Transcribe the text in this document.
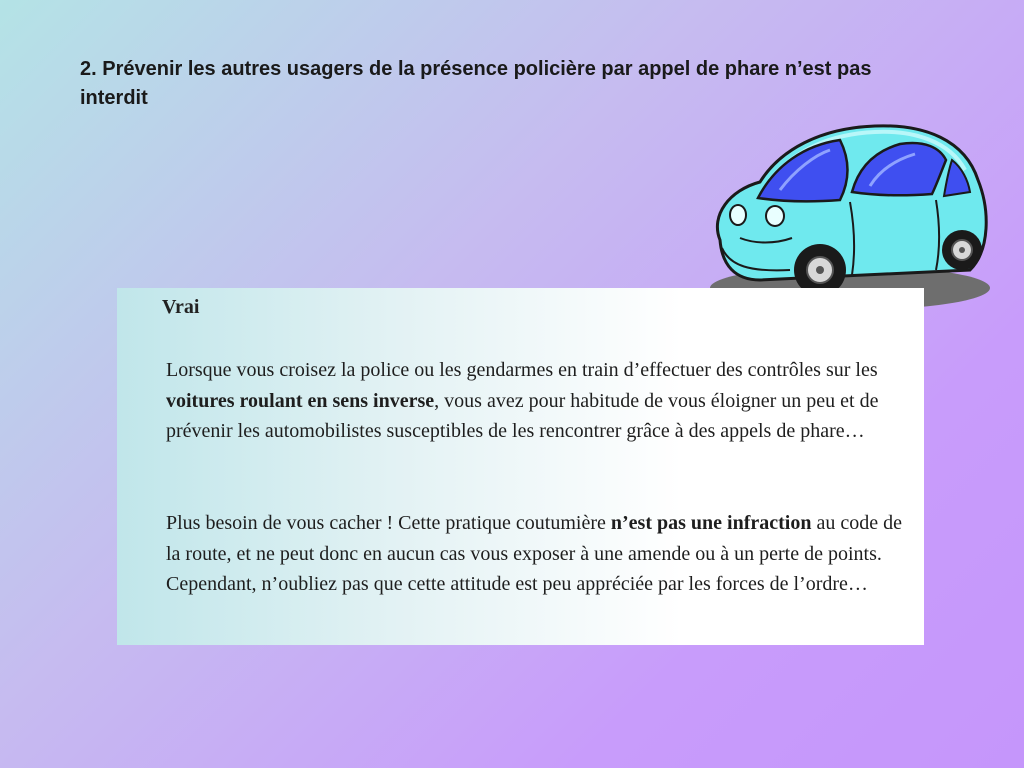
2. Prévenir les autres usagers de la présence policière par appel de phare n’est pas interdit

Vrai

Lorsque vous croisez la police ou les gendarmes en train d’effectuer des contrôles sur les voitures roulant en sens inverse, vous avez pour habitude de vous éloigner un peu et de prévenir les automobilistes susceptibles de les rencontrer grâce à des appels de phare…

Plus besoin de vous cacher ! Cette pratique coutumière n’est pas une infraction au code de la route, et ne peut donc en aucun cas vous exposer à une amende ou à un perte de points. Cependant, n’oubliez pas que cette attitude est peu appréciée par les forces de l’ordre…
